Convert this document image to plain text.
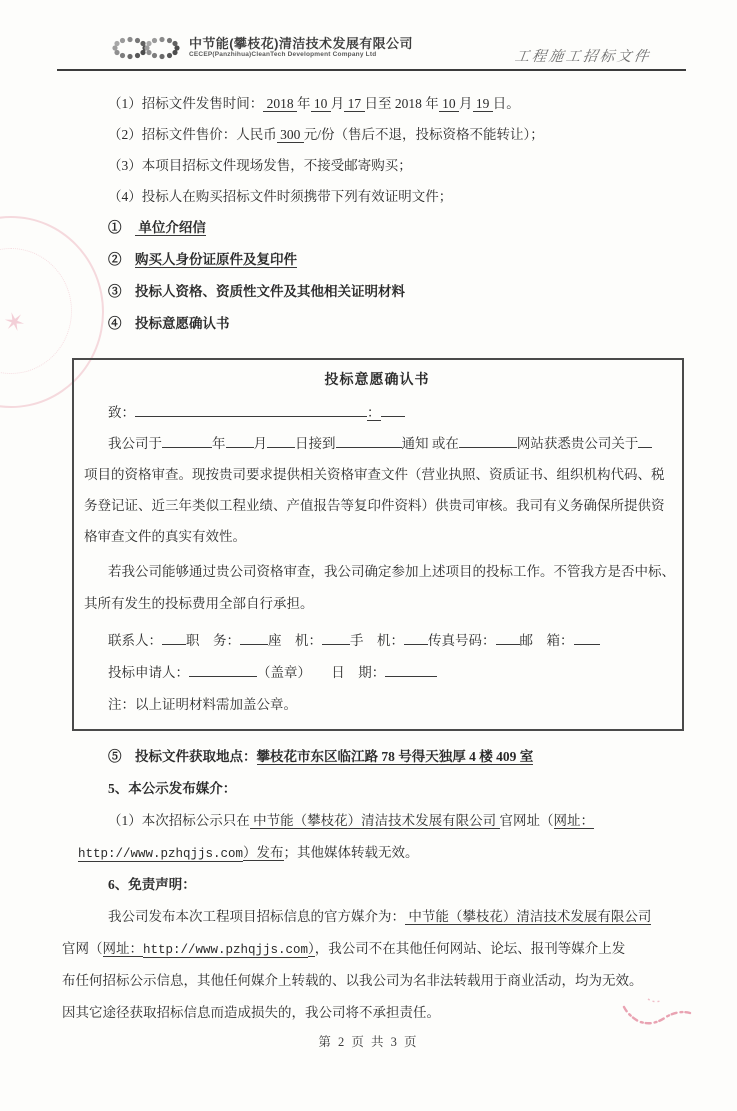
中节能(攀枝花)清洁技术发展有限公司
CECEP(Panzhihua)CleanTech Development Company Ltd	工程施工招标文件
✶
（1）招标文件发售时间： 2018 年 10 月 17 日至 2018 年 10 月 19 日。
（2）招标文件售价：人民币 300 元/份（售后不退，投标资格不能转让）；
（3）本项目招标文件现场发售，不接受邮寄购买；
（4）投标人在购买招标文件时须携带下列有效证明文件；
①　 单位介绍信
②　购买人身份证原件及复印件
③　投标人资格、资质性文件及其他相关证明材料
④　投标意愿确认书
投标意愿确认书
致：	：
我公司于	年 月 日接到	通知 或在	网站获悉贵公司关于
项目的资格审查。现按贵司要求提供相关资格审查文件（营业执照、资质证书、组织机构代码、税
务登记证、近三年类似工程业绩、产值报告等复印件资料）供贵司审核。我司有义务确保所提供资
格审查文件的真实有效性。
若我公司能够通过贵公司资格审查，我公司确定参加上述项目的投标工作。不管我方是否中标、
其所有发生的投标费用全部自行承担。
联系人： 职　务： 座　机： 手　机： 传真号码： 邮　箱：
投标申请人：	（盖章）　　日　期：
注：以上证明材料需加盖公章。
⑤　投标文件获取地点：攀枝花市东区临江路 78 号得天独厚 4 楼 409 室
5、本公示发布媒介：
（1）本次招标公示只在 中节能（攀枝花）清洁技术发展有限公司 官网址（网址：
http://www.pzhqjjs.com）发布；其他媒体转载无效。
6、免责声明：
我公司发布本次工程项目招标信息的官方媒介为： 中节能（攀枝花）清洁技术发展有限公司
官网（网址：http://www.pzhqjjs.com），我公司不在其他任何网站、论坛、报刊等媒介上发
布任何招标公示信息，其他任何媒介上转载的、以我公司为名非法转载用于商业活动，均为无效。
因其它途径获取招标信息而造成损失的，我公司将不承担责任。
第 2 页 共 3 页
